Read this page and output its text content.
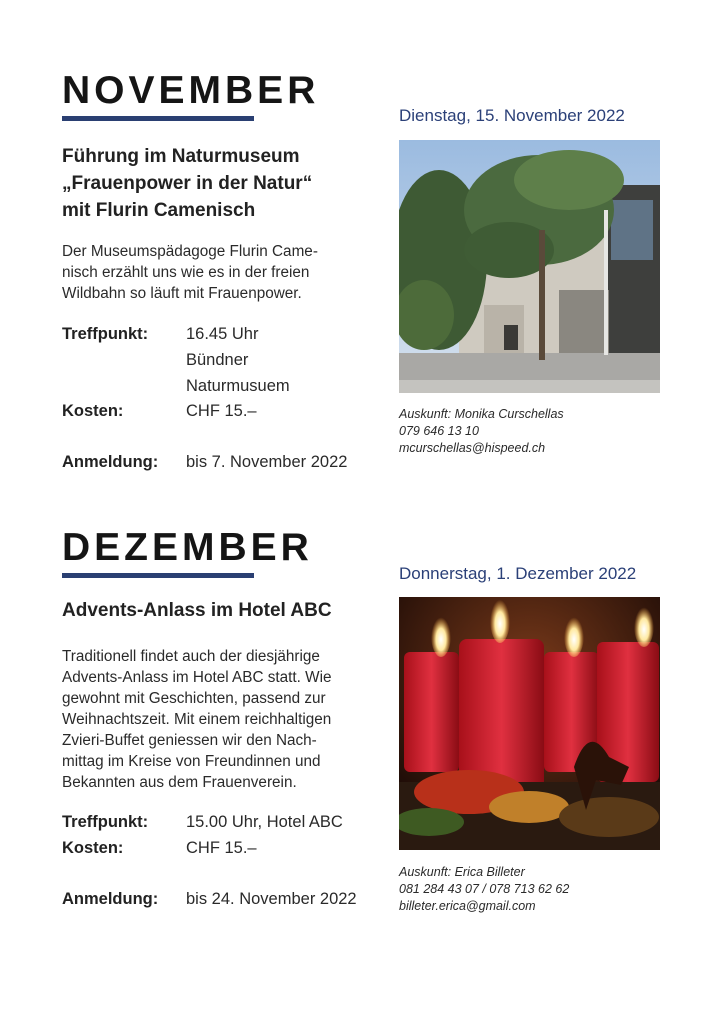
NOVEMBER
Dienstag, 15. November 2022
Führung im Naturmuseum
„Frauenpower in der Natur“
mit Flurin Camenisch
Der Museumspädagoge Flurin Came-
nisch erzählt uns wie es in der freien
Wildbahn so läuft mit Frauenpower.
Treffpunkt: 16.45 Uhr
Bündner
Naturmusuem
Kosten:	CHF 15.–
Anmeldung: bis 7. November 2022
Auskunft: Monika Curschellas
079 646 13 10
mcurschellas@hispeed.ch
DEZEMBER
Donnerstag, 1. Dezember 2022
Advents-Anlass im Hotel ABC
Traditionell findet auch der diesjährige
Advents-Anlass im Hotel ABC statt. Wie
gewohnt mit Geschichten, passend zur
Weihnachtszeit. Mit einem reichhaltigen
Zvieri-Buffet geniessen wir den Nach-
mittag im Kreise von Freundinnen und
Bekannten aus dem Frauenverein.
Treffpunkt: 15.00 Uhr, Hotel ABC
Kosten:	CHF 15.–
Anmeldung: bis 24. November 2022
Auskunft: Erica Billeter
081 284 43 07 / 078 713 62 62
billeter.erica@gmail.com
